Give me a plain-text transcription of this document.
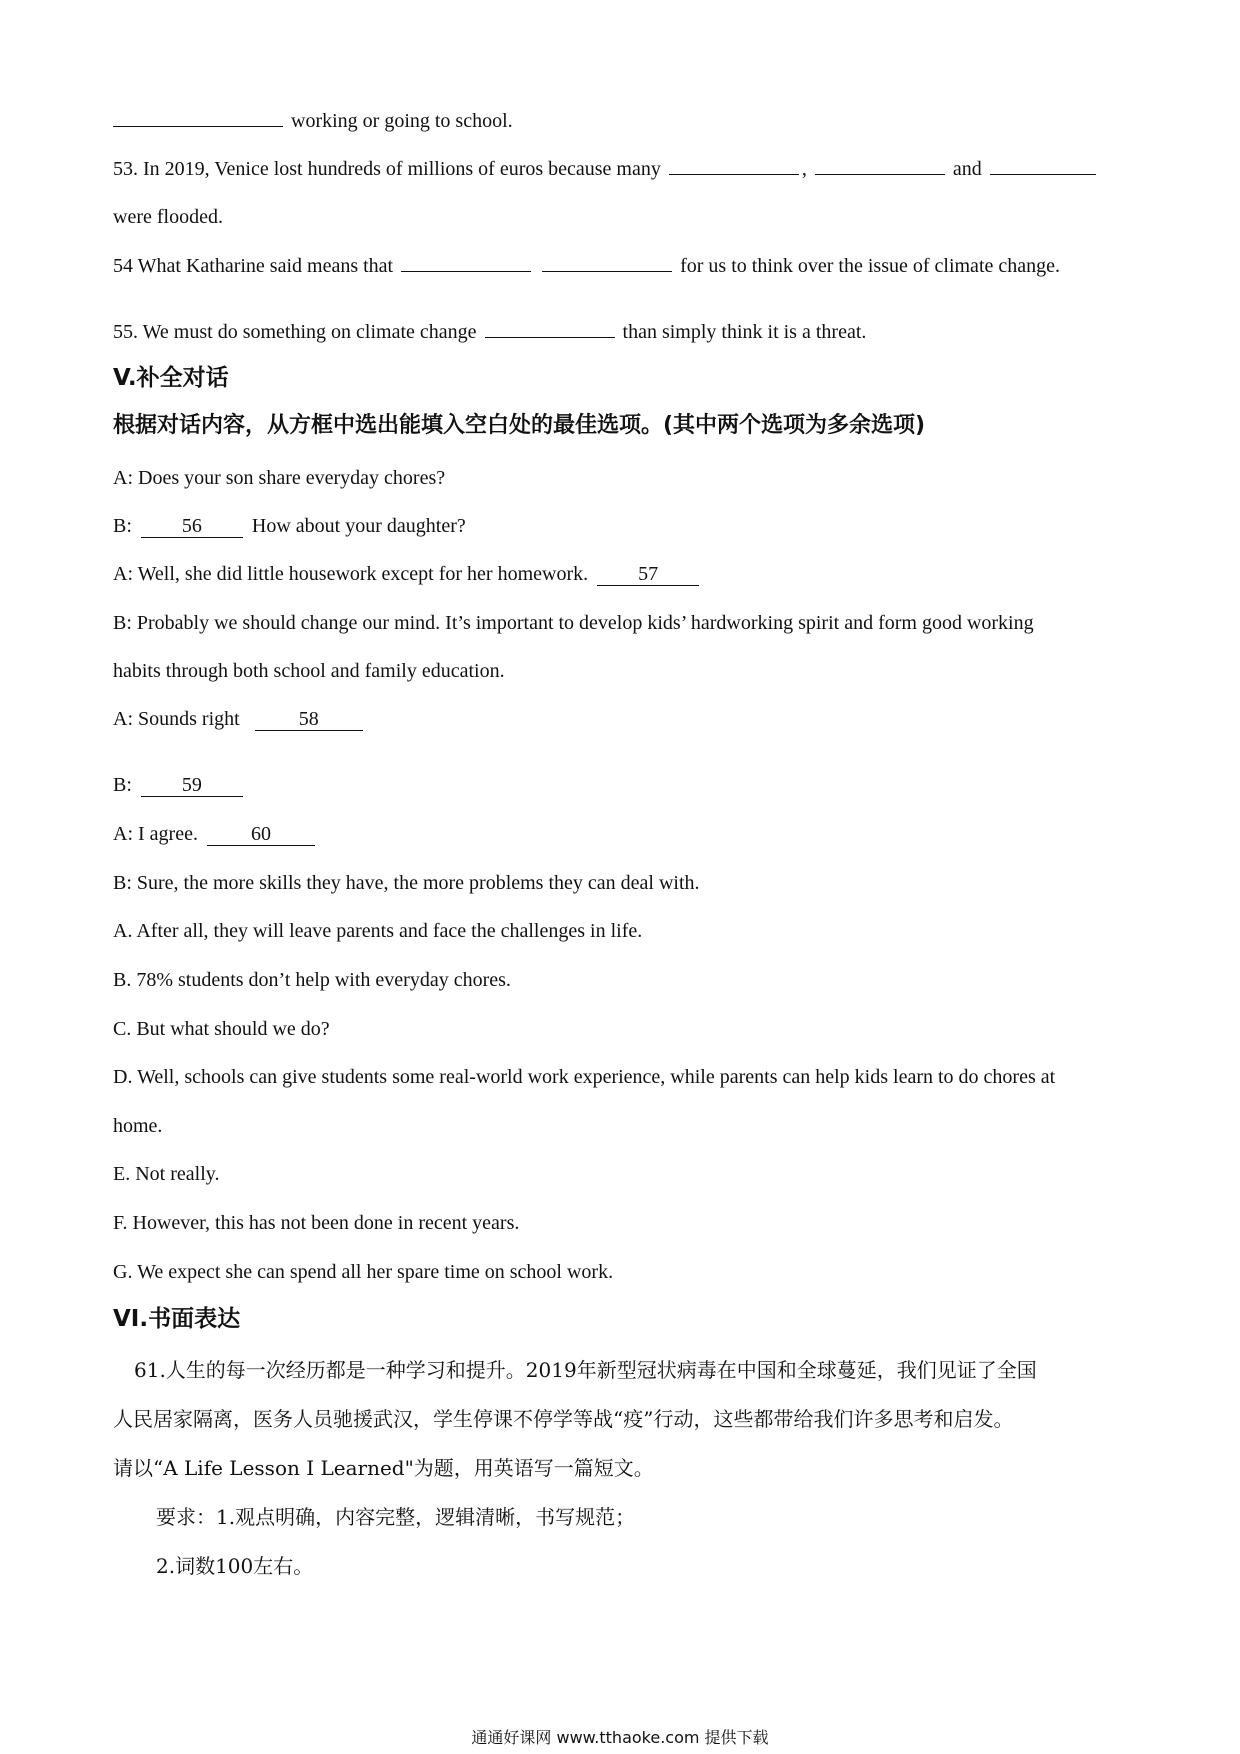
working or going to school.
53. In 2019, Venice lost hundreds of millions of euros because many	,	and
were flooded.
54 What Katharine said means that	for us to think over the issue of climate change.
55. We must do something on climate change	than simply think it is a threat.
V.补全对话
根据对话内容，从方框中选出能填入空白处的最佳选项。(其中两个选项为多余选项)
A: Does your son share everyday chores?
B:	56	How about your daughter?
A: Well, she did little housework except for her homework.	57
B: Probably we should change our mind. It’s important to develop kids’ hardworking spirit and form good working
habits through both school and family education.
A: Sounds right	58
B:	59
A: I agree.	60
B: Sure, the more skills they have, the more problems they can deal with.
A. After all, they will leave parents and face the challenges in life.
B. 78% students don’t help with everyday chores.
C. But what should we do?
D. Well, schools can give students some real-world work experience, while parents can help kids learn to do chores at
home.
E. Not really.
F. However, this has not been done in recent years.
G. We expect she can spend all her spare time on school work.
VI.书面表达
61.人生的每一次经历都是一种学习和提升。2019年新型冠状病毒在中国和全球蔓延，我们见证了全国
人民居家隔离，医务人员驰援武汉，学生停课不停学等战“疫”行动，这些都带给我们许多思考和启发。
请以“A Life Lesson I Learned"为题，用英语写一篇短文。
要求：1.观点明确，内容完整，逻辑清晰，书写规范；
2.词数100左右。
通通好课网 www.tthaoke.com 提供下载
